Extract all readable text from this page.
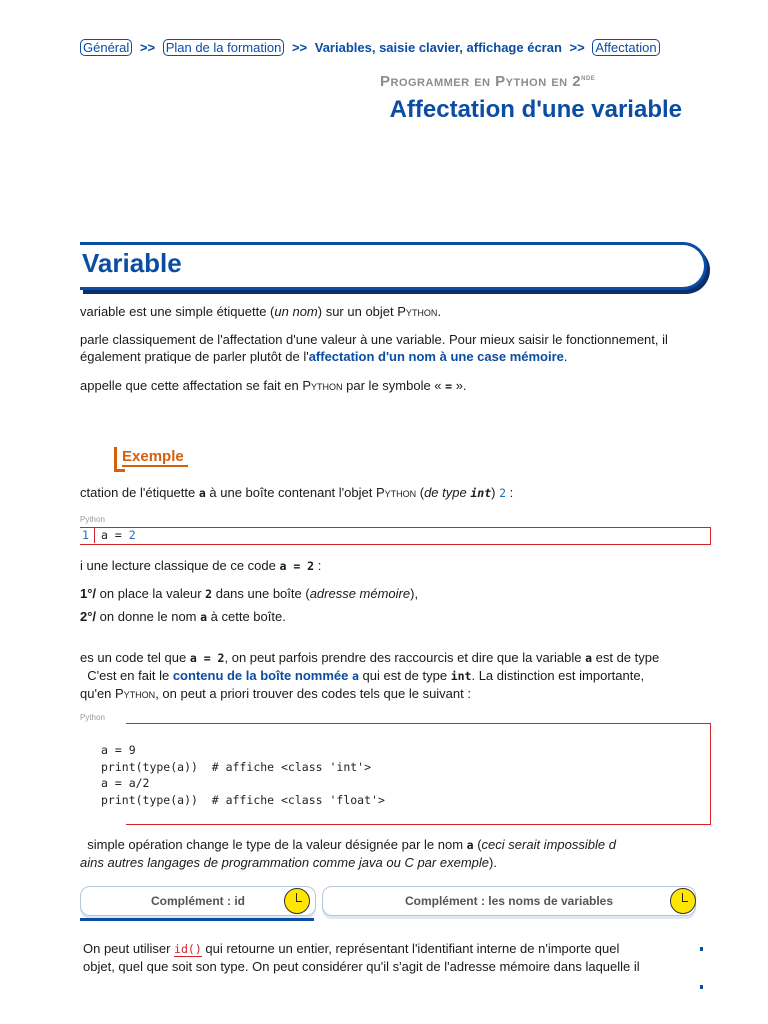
Général >> Plan de la formation >> Variables, saisie clavier, affichage écran >> Affectation
Programmer en Python en 2nde
Affectation d'une variable
Variable
variable est une simple étiquette (un nom) sur un objet Python.
parle classiquement de l'affectation d'une valeur à une variable. Pour mieux saisir le fonctionnement, il
également pratique de parler plutôt de l'affectation d'un nom à une case mémoire.
appelle que cette affectation se fait en Python par le symbole « = ».
Exemple
ctation de l'étiquette a à une boîte contenant l'objet Python (de type int) 2 :
Python
1 a = 2
i une lecture classique de ce code a = 2 :
1°/ on place la valeur 2 dans une boîte (adresse mémoire),
2°/ on donne le nom a à cette boîte.
es un code tel que a = 2, on peut parfois prendre des raccourcis et dire que la variable a est de type
C'est en fait le contenu de la boîte nommée a qui est de type int. La distinction est importante,
qu'en Python, on peut a priori trouver des codes tels que le suivant :
Python
a = 9
print(type(a))  # affiche <class 'int'>
a = a/2
print(type(a))  # affiche <class 'float'>
simple opération change le type de la valeur désignée par le nom a (ceci serait impossible d
ains autres langages de programmation comme java ou C par exemple).
Complément : id	Complément : les noms de variables
On peut utiliser id() qui retourne un entier, représentant l'identifiant interne de n'importe quel
objet, quel que soit son type. On peut considérer qu'il s'agit de l'adresse mémoire dans laquelle il
